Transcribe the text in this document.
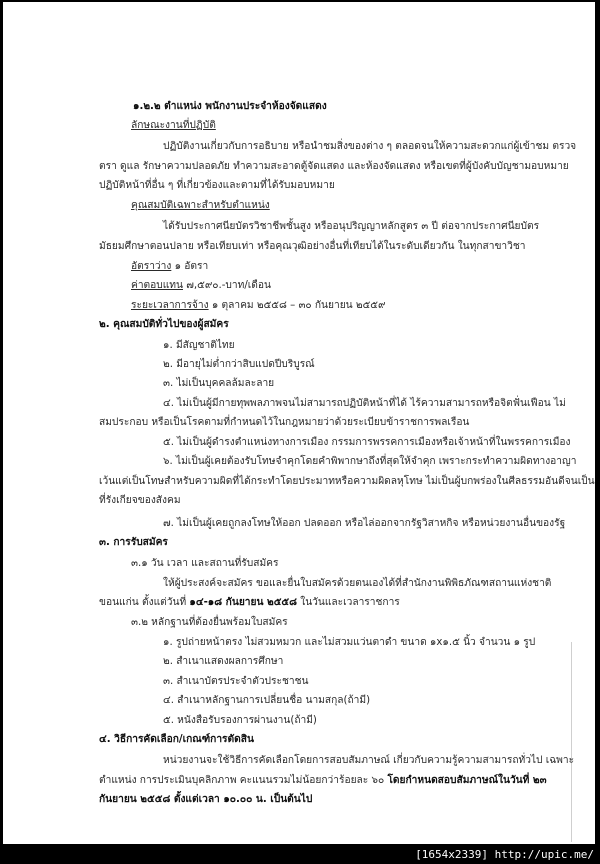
๑.๒.๒ ตำแหน่ง พนักงานประจำห้องจัดแสดง
ลักษณะงานที่ปฏิบัติ
ปฏิบัติงานเกี่ยวกับการอธิบาย หรือนำชมสิ่งของต่าง ๆ ตลอดจนให้ความสะดวกแก่ผู้เข้าชม ตรวจ
ตรา ดูแล รักษาความปลอดภัย ทำความสะอาดตู้จัดแสดง และห้องจัดแสดง หรือเขตที่ผู้บังคับบัญชามอบหมาย
ปฏิบัติหน้าที่อื่น ๆ ที่เกี่ยวข้องและตามที่ได้รับมอบหมาย
คุณสมบัติเฉพาะสำหรับตำแหน่ง
ได้รับประกาศนียบัตรวิชาชีพชั้นสูง หรืออนุปริญญาหลักสูตร ๓ ปี ต่อจากประกาศนียบัตร
มัธยมศึกษาตอนปลาย หรือเทียบเท่า หรือคุณวุฒิอย่างอื่นที่เทียบได้ในระดับเดียวกัน ในทุกสาขาวิชา
อัตราว่าง ๑ อัตรา
ค่าตอบแทน ๗,๕๙๐.-บาท/เดือน
ระยะเวลาการจ้าง ๑ ตุลาคม ๒๕๕๘ – ๓๐ กันยายน ๒๕๕๙
๒. คุณสมบัติทั่วไปของผู้สมัคร
๑. มีสัญชาติไทย
๒. มีอายุไม่ต่ำกว่าสิบแปดปีบริบูรณ์
๓. ไม่เป็นบุคคลล้มละลาย
๔. ไม่เป็นผู้มีกายทุพพลภาพจนไม่สามารถปฏิบัติหน้าที่ได้ ไร้ความสามารถหรือจิตฟั่นเฟือน ไม่
สมประกอบ หรือเป็นโรคตามที่กำหนดไว้ในกฎหมายว่าด้วยระเบียบข้าราชการพลเรือน
๕. ไม่เป็นผู้ดำรงตำแหน่งทางการเมือง กรรมการพรรคการเมืองหรือเจ้าหน้าที่ในพรรคการเมือง
๖. ไม่เป็นผู้เคยต้องรับโทษจำคุกโดยคำพิพากษาถึงที่สุดให้จำคุก เพราะกระทำความผิดทางอาญา
เว้นแต่เป็นโทษสำหรับความผิดที่ได้กระทำโดยประมาทหรือความผิดลหุโทษ ไม่เป็นผู้บกพร่องในศีลธรรมอันดีจนเป็น
ที่รังเกียจของสังคม
๗. ไม่เป็นผู้เคยถูกลงโทษให้ออก ปลดออก หรือไล่ออกจากรัฐวิสาหกิจ หรือหน่วยงานอื่นของรัฐ
๓. การรับสมัคร
๓.๑ วัน เวลา และสถานที่รับสมัคร
ให้ผู้ประสงค์จะสมัคร ขอและยื่นใบสมัครด้วยตนเองได้ที่สำนักงานพิพิธภัณฑสถานแห่งชาติ
ขอนแก่น ตั้งแต่วันที่ ๑๔-๑๘ กันยายน ๒๕๕๘ ในวันและเวลาราชการ
๓.๒ หลักฐานที่ต้องยื่นพร้อมใบสมัคร
๑. รูปถ่ายหน้าตรง ไม่สวมหมวก และไม่สวมแว่นตาดำ ขนาด ๑x๑.๕ นิ้ว จำนวน ๑ รูป
๒. สำเนาแสดงผลการศึกษา
๓. สำเนาบัตรประจำตัวประชาชน
๔. สำเนาหลักฐานการเปลี่ยนชื่อ นามสกุล(ถ้ามี)
๕. หนังสือรับรองการผ่านงาน(ถ้ามี)
๔. วิธีการคัดเลือก/เกณฑ์การตัดสิน
หน่วยงานจะใช้วิธีการคัดเลือกโดยการสอบสัมภาษณ์ เกี่ยวกับความรู้ความสามารถทั่วไป เฉพาะ
ตำแหน่ง การประเมินบุคลิกภาพ คะแนนรวมไม่น้อยกว่าร้อยละ ๖๐ โดยกำหนดสอบสัมภาษณ์ในวันที่ ๒๓
กันยายน ๒๕๕๘ ตั้งแต่เวลา ๑๐.๐๐ น. เป็นต้นไป
[1654x2339] http://upic.me/
